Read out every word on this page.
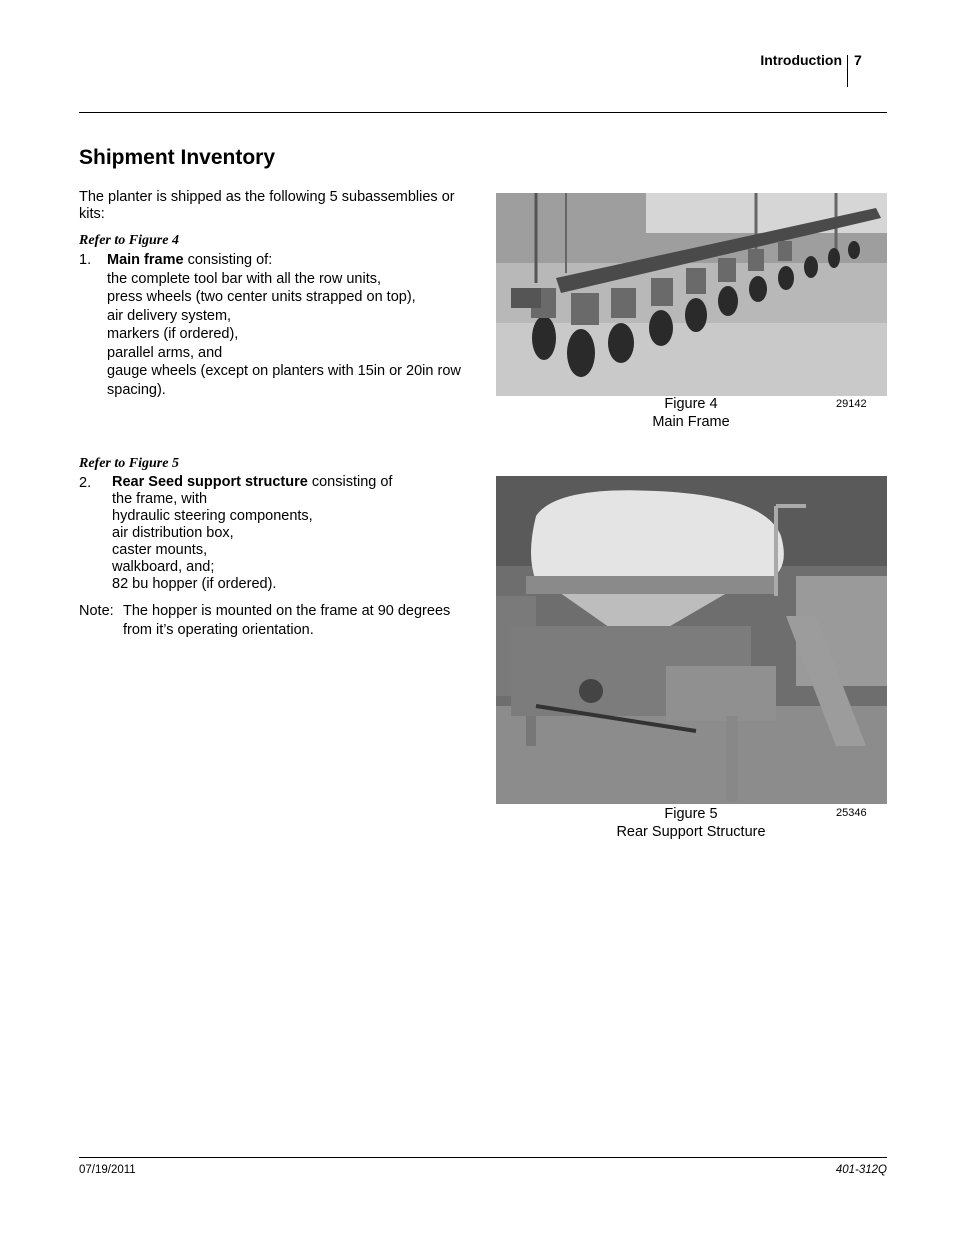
Introduction 7
Shipment Inventory
The planter is shipped as the following 5 subassemblies or kits:
Refer to Figure 4
1. Main frame consisting of:
the complete tool bar with all the row units,
press wheels (two center units strapped on top),
air delivery system,
markers (if ordered),
parallel arms, and
gauge wheels (except on planters with 15in or 20in row spacing).
Refer to Figure 5
2. Rear Seed support structure consisting of
the frame, with
hydraulic steering components,
air distribution box,
caster mounts,
walkboard, and;
82 bu hopper (if ordered).
Note: The hopper is mounted on the frame at 90 degrees from it’s operating orientation.
Figure 4
Main Frame
29142
Figure 5
Rear Support Structure
25346
07/19/2011	401-312Q
